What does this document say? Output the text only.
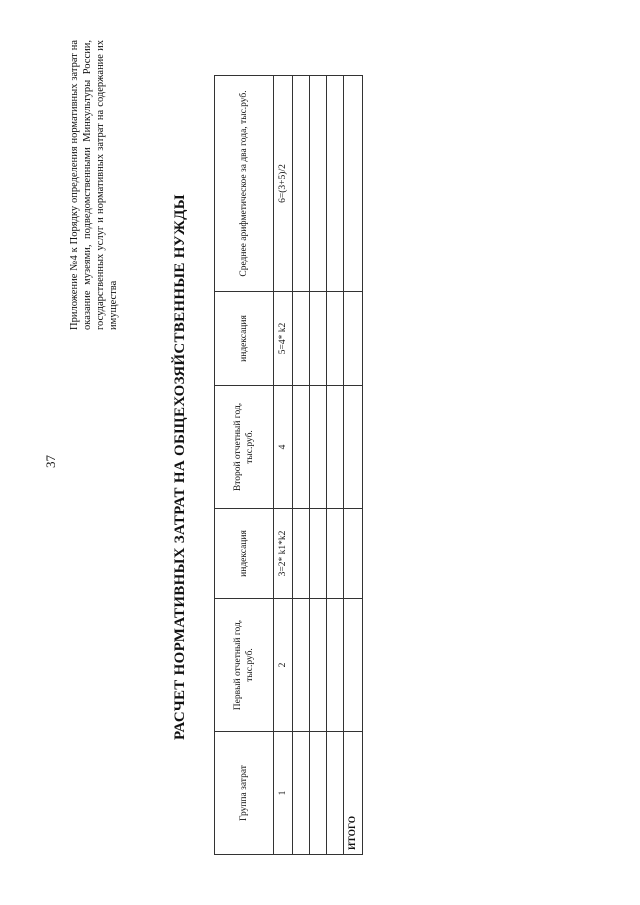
37
Приложение №4 к Порядку определения нормативных затрат на оказание музеями, подведомственными Минкультуры России, государственных услуг и нормативных затрат на содержание их имущества	РАСЧЕТ НОРМАТИВНЫХ ЗАТРАТ НА ОБЩЕХОЗЯЙСТВЕННЫЕ НУЖДЫ
Группа затрат	Первый отчетный год, тыс.руб.	индексация	Второй отчетный год, тыс.руб.	индексация	Среднее арифметическое за два года, тыс.руб.
1	2	3=2* k1*k2	4	5=4* k2	6=(3+5)/2

ИТОГО					
